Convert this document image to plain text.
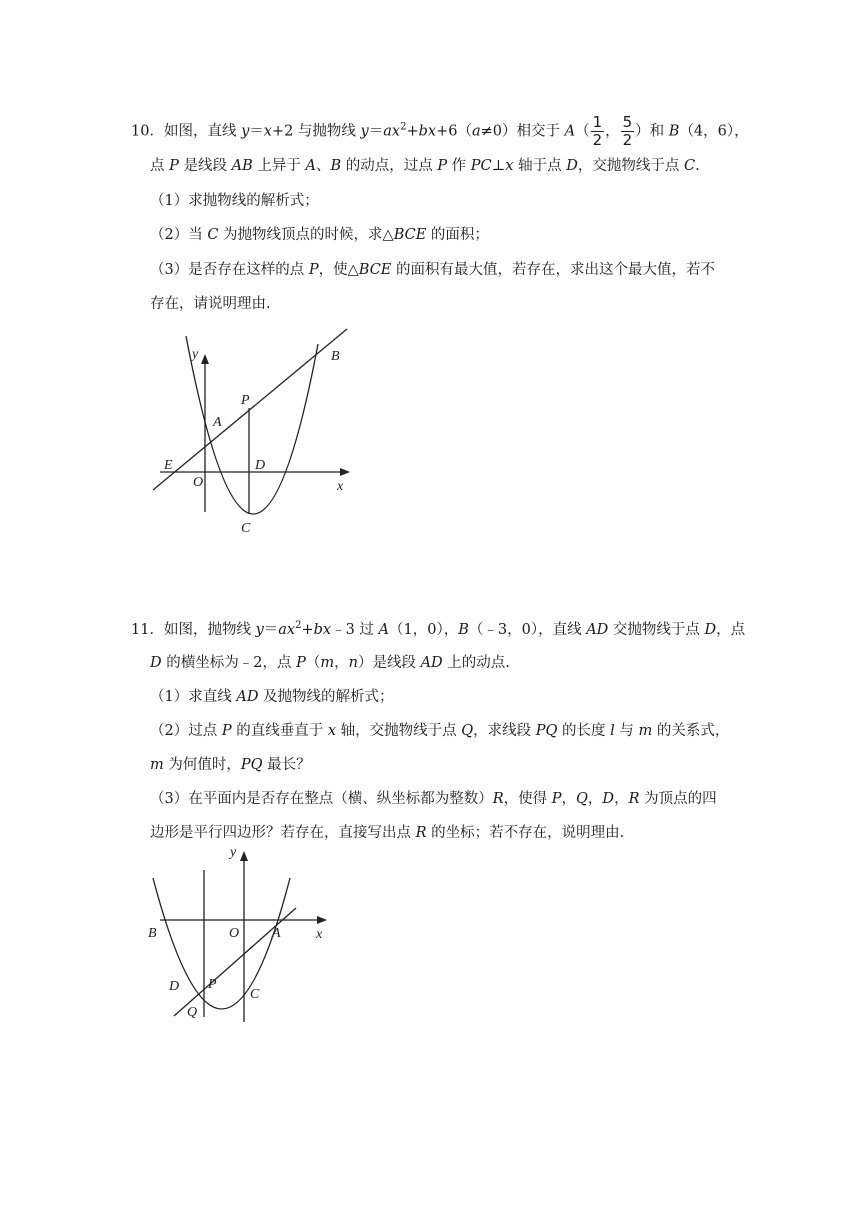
10．如图，直线 y＝x+2 与抛物线 $y=ax^2+bx+6(a\ne 0)$相交于 $A( \frac{1}{2}$ ， $\frac{5}{2}$ ）和 B（4，6），
点 P 是线段 AB 上异于 A、B 的动点，过点 P 作 PC⊥x 轴于点 D，交抛物线于点 C.
（1）求抛物线的解析式；
（2）当 C 为抛物线顶点的时候，求△BCE 的面积；
（3）是否存在这样的点 P，使△BCE 的面积有最大值，若存在，求出这个最大值，若不
存在，请说明理由.
y	B
P
A
E	D
O	x
C
11．如图，抛物线 $y=ax^2+bx﹣3$ 过 A（1，0），B（﹣3，0），直线 AD 交抛物线于点 D，点
D 的横坐标为﹣2，点 P（m，n）是线段 AD 上的动点.
（1）求直线 AD 及抛物线的解析式；
（2）过点 P 的直线垂直于 x 轴，交抛物线于点 Q，求线段 PQ 的长度 l 与 m 的关系式，
m 为何值时，PQ 最长？
（3）在平面内是否存在整点（横、纵坐标都为整数）R，使得 P，Q，D，R 为顶点的四
边形是平行四边形？若存在，直接写出点 R 的坐标；若不存在，说明理由.
y
B	O A	x
D P
C
Q
